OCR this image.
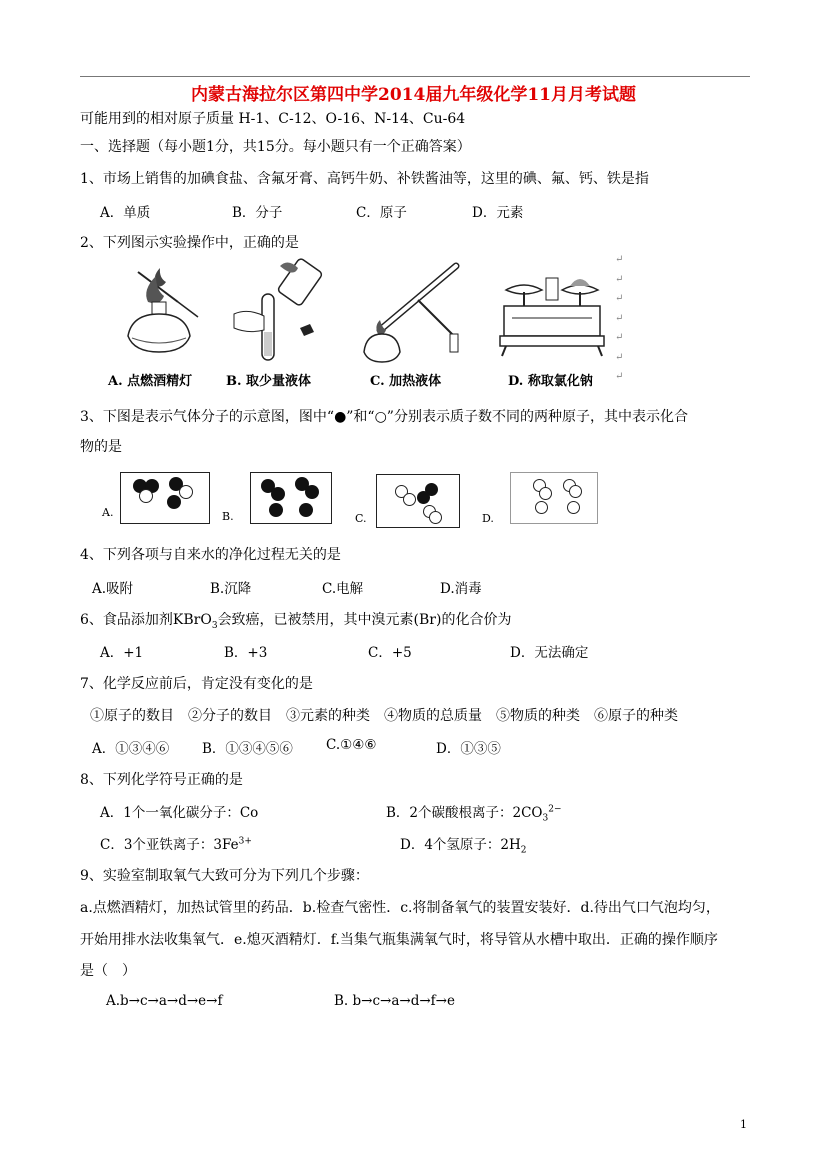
内蒙古海拉尔区第四中学2014届九年级化学11月月考试题
可能用到的相对原子质量 H-1、C-12、O-16、N-14、Cu-64
一、选择题（每小题1分，共15分。每小题只有一个正确答案）
1、市场上销售的加碘食盐、含氟牙膏、高钙牛奶、补铁酱油等，这里的碘、氟、钙、铁是指
A．单质	B．分子	C．原子	D．元素
2、下列图示实验操作中，正确的是
A. 点燃酒精灯	B. 取少量液体	C. 加热液体	D. 称取氯化钠
↵
↵
↵
↵
↵
↵
↵
3、下图是表示气体分子的示意图，图中“●”和“○”分别表示质子数不同的两种原子，其中表示化合
物的是
A.	B.	C.	D.
4、下列各项与自来水的净化过程无关的是
A.吸附	B.沉降	C.电解	D.消毒
6、食品添加剂KBrO$_3$会致癌，已被禁用，其中溴元素(Br)的化合价为
A．+1	B．+3	C．+5	D．无法确定
7、化学反应前后，肯定没有变化的是
①原子的数目　②分子的数目　③元素的种类　④物质的总质量　⑤物质的种类　⑥原子的种类
A．①③④⑥ B．①③④⑤⑥ C.①④⑥	D．①③⑤
8、下列化学符号正确的是
A．1个一氧化碳分子：Co	B．2个碳酸根离子：$2CO_3^{2-}$
C．3个亚铁离子：$3Fe^{3+}$	D．4个氢原子：$2H_2$
9、实验室制取氧气大致可分为下列几个步骤：
a.点燃酒精灯，加热试管里的药品．b.检查气密性．c.将制备氧气的装置安装好．d.待出气口气泡均匀，
开始用排水法收集氧气．e.熄灭酒精灯．f.当集气瓶集满氧气时，将导管从水槽中取出．正确的操作顺序
是（　）
A.b→c→a→d→e→f	B. b→c→a→d→f→e
1
